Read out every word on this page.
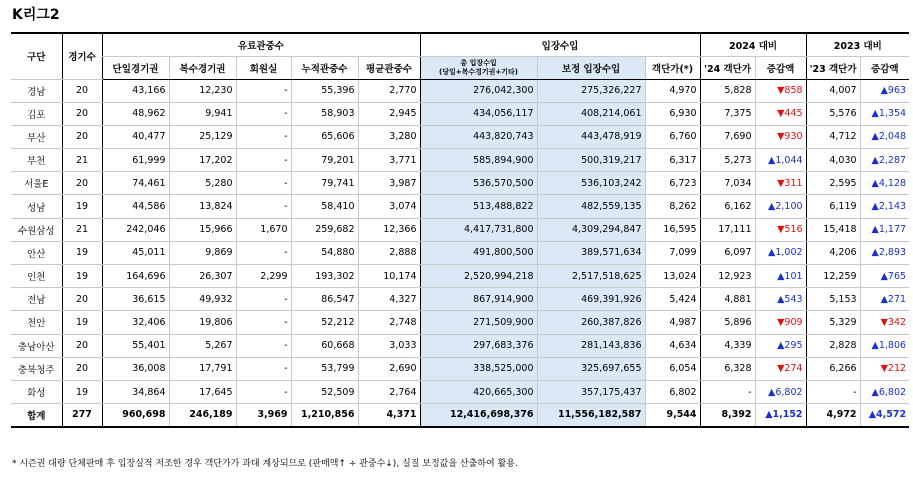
K리그2
구단	경기수	유료관중수					입장수입			2024 대비		2023 대비	
		단일경기권	복수경기권	회원실	누적관중수	평균관중수	총 입장수입
(당일+복수경기권+기타)	보정 입장수입	객단가(*)	'24 객단가	증감액	'23 객단가	증감액
경남	20	43,166	12,230	-	55,396	2,770	276,042,300	275,326,227	4,970	5,828	▼858	4,007	▲963
김포	20	48,962	9,941	-	58,903	2,945	434,056,117	408,214,061	6,930	7,375	▼445	5,576	▲1,354
부산	20	40,477	25,129	-	65,606	3,280	443,820,743	443,478,919	6,760	7,690	▼930	4,712	▲2,048
부천	21	61,999	17,202	-	79,201	3,771	585,894,900	500,319,217	6,317	5,273	▲1,044	4,030	▲2,287
서울E	20	74,461	5,280	-	79,741	3,987	536,570,500	536,103,242	6,723	7,034	▼311	2,595	▲4,128
성남	19	44,586	13,824	-	58,410	3,074	513,488,822	482,559,135	8,262	6,162	▲2,100	6,119	▲2,143
수원삼성	21	242,046	15,966	1,670	259,682	12,366	4,417,731,800	4,309,294,847	16,595	17,111	▼516	15,418	▲1,177
안산	19	45,011	9,869	-	54,880	2,888	491,800,500	389,571,634	7,099	6,097	▲1,002	4,206	▲2,893
인천	19	164,696	26,307	2,299	193,302	10,174	2,520,994,218	2,517,518,625	13,024	12,923	▲101	12,259	▲765
전남	20	36,615	49,932	-	86,547	4,327	867,914,900	469,391,926	5,424	4,881	▲543	5,153	▲271
천안	19	32,406	19,806	-	52,212	2,748	271,509,900	260,387,826	4,987	5,896	▼909	5,329	▼342
충남아산	20	55,401	5,267	-	60,668	3,033	297,683,376	281,143,836	4,634	4,339	▲295	2,828	▲1,806
충북청주	20	36,008	17,791	-	53,799	2,690	338,525,000	325,697,655	6,054	6,328	▼274	6,266	▼212
화성	19	34,864	17,645	-	52,509	2,764	420,665,300	357,175,437	6,802	-	▲6,802	-	▲6,802
합계	277	960,698	246,189	3,969	1,210,856	4,371	12,416,698,376	11,556,182,587	9,544	8,392	▲1,152	4,972	▲4,572
* 시즌권 대량 단체판매 후 입장실적 저조한 경우 객단가가 과대 계상되므로 (판매액↑ ÷ 관중수↓), 실질 보정값을 산출하여 활용.
